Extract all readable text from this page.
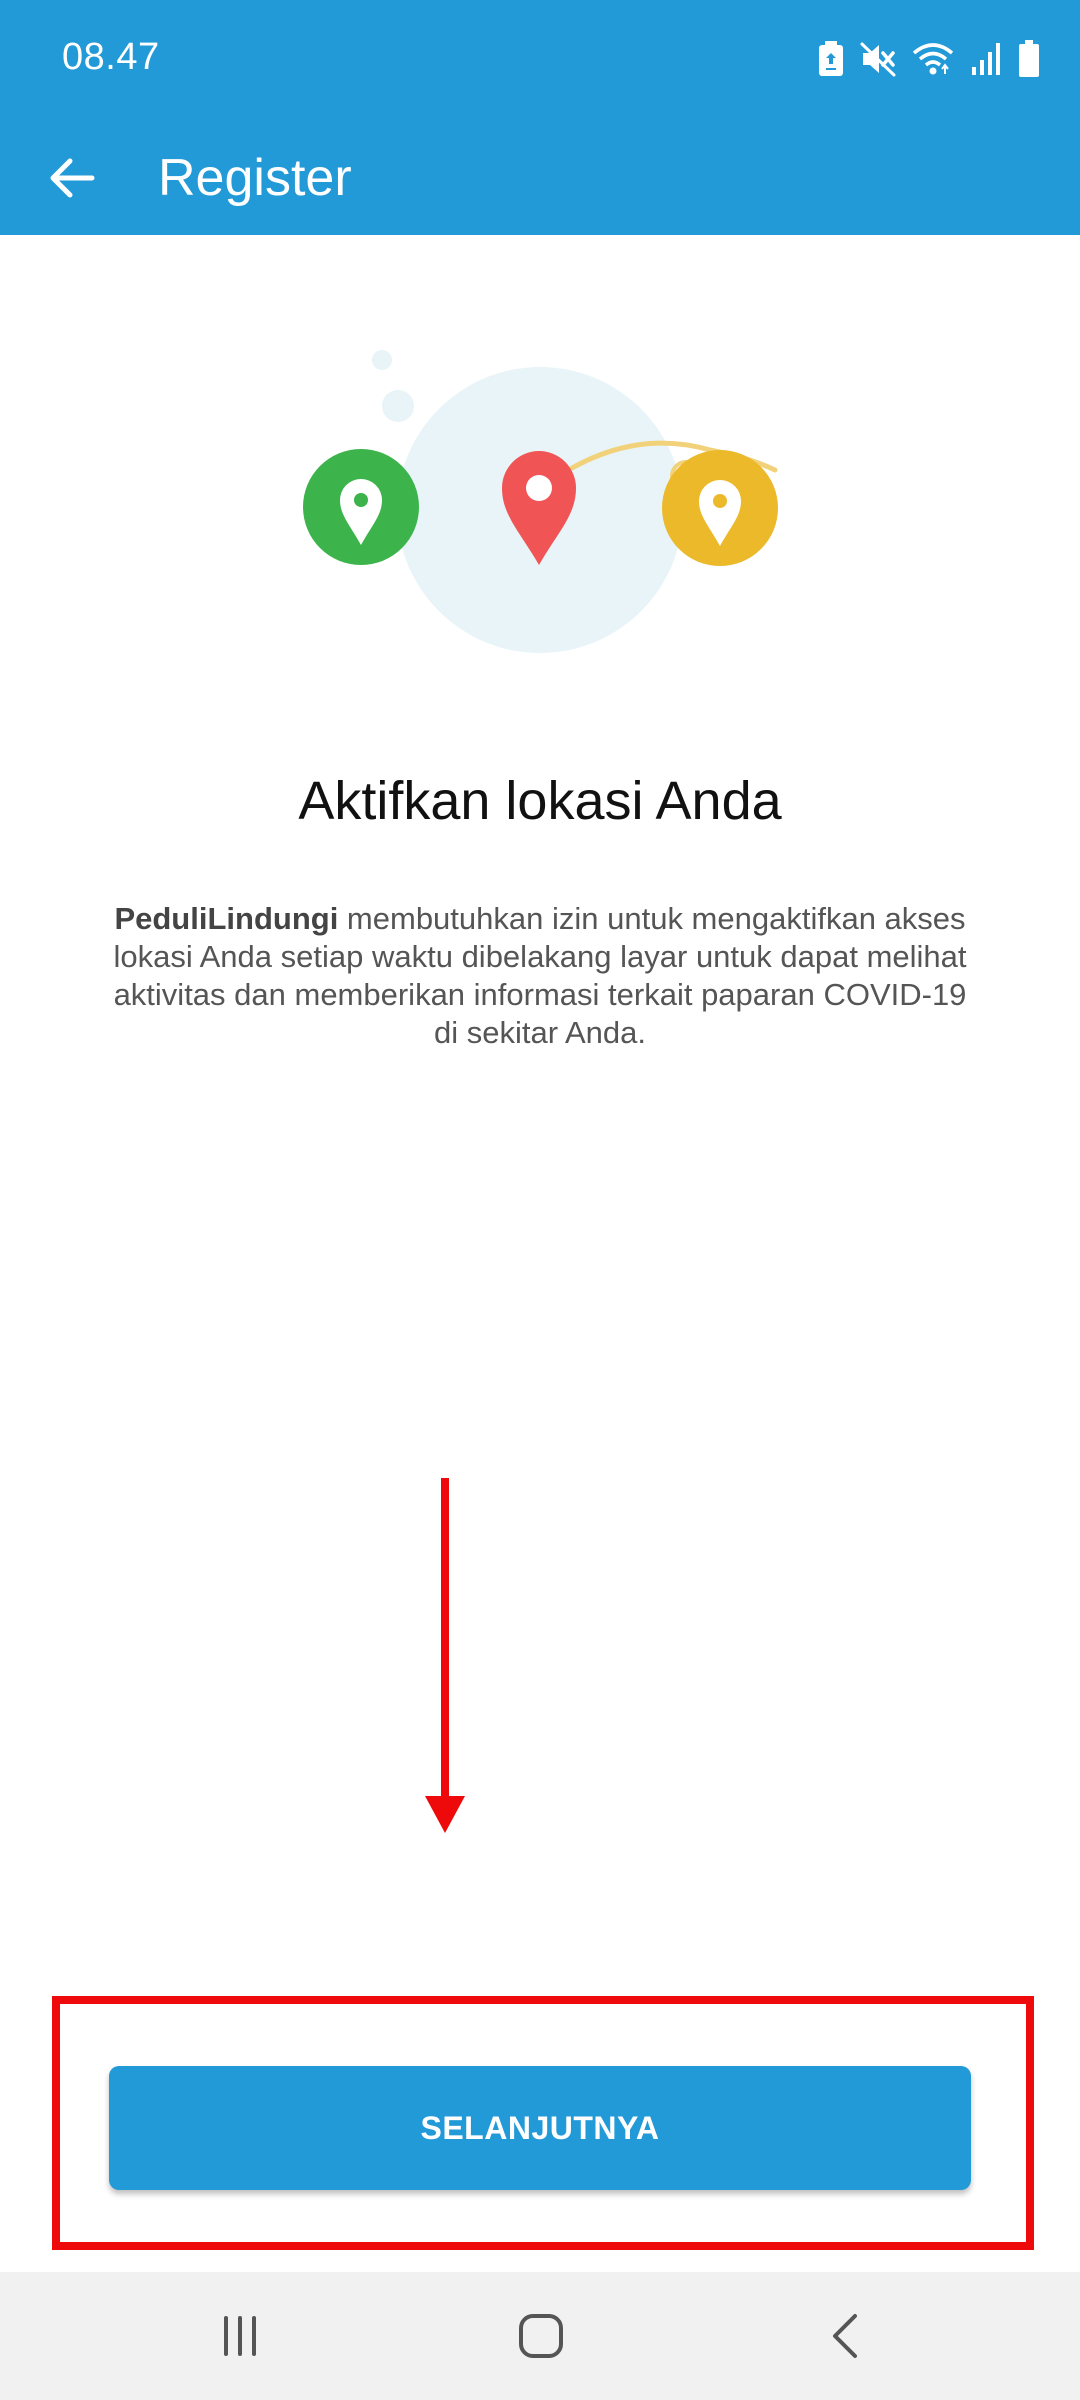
08.47
Register
Aktifkan lokasi Anda
PeduliLindungi membutuhkan izin untuk mengaktifkan akses lokasi Anda setiap waktu dibelakang layar untuk dapat melihat aktivitas dan memberikan informasi terkait paparan COVID-19 di sekitar Anda.
SELANJUTNYA
